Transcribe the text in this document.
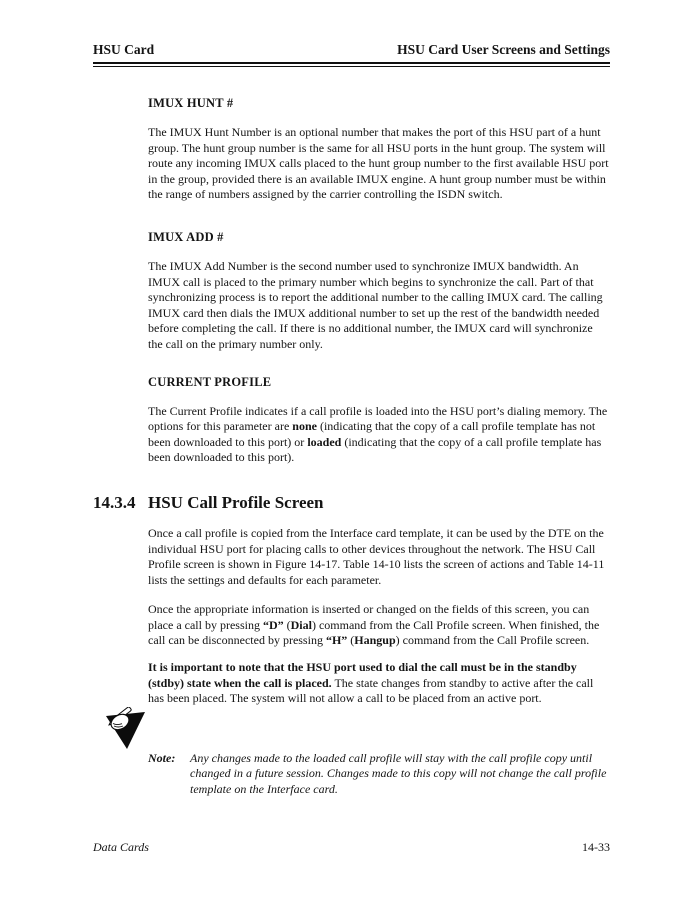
HSU Card	HSU Card User Screens and Settings
IMUX HUNT #

The IMUX Hunt Number is an optional number that makes the port of this HSU part of a hunt group. The hunt group number is the same for all HSU ports in the hunt group. The system will route any incoming IMUX calls placed to the hunt group number to the first available HSU port in the group, provided there is an available IMUX engine. A hunt group number must be within the range of numbers assigned by the carrier controlling the ISDN switch.

IMUX ADD #

The IMUX Add Number is the second number used to synchronize IMUX bandwidth. An IMUX call is placed to the primary number which begins to synchronize the call. Part of that synchronizing process is to report the additional number to the calling IMUX card. The calling IMUX card then dials the IMUX additional number to set up the rest of the bandwidth needed before completing the call. If there is no additional number, the IMUX card will synchronize the call on the primary number only.

CURRENT PROFILE

The Current Profile indicates if a call profile is loaded into the HSU port’s dialing memory. The options for this parameter are none (indicating that the copy of a call profile template has not been downloaded to this port) or loaded (indicating that the copy of a call profile template has been downloaded to this port).

14.3.4 HSU Call Profile Screen

Once a call profile is copied from the Interface card template, it can be used by the DTE on the individual HSU port for placing calls to other devices throughout the network. The HSU Call Profile screen is shown in Figure 14-17. Table 14-10 lists the screen of actions and Table 14-11 lists the settings and defaults for each parameter.

Once the appropriate information is inserted or changed on the fields of this screen, you can place a call by pressing “D” (Dial) command from the Call Profile screen. When finished, the call can be disconnected by pressing “H” (Hangup) command from the Call Profile screen.

It is important to note that the HSU port used to dial the call must be in the standby (stdby) state when the call is placed. The state changes from standby to active after the call has been placed. The system will not allow a call to be placed from an active port.

Note:	Any changes made to the loaded call profile will stay with the call profile copy until changed in a future session. Changes made to this copy will not change the call profile template on the Interface card.
Data Cards	14-33
